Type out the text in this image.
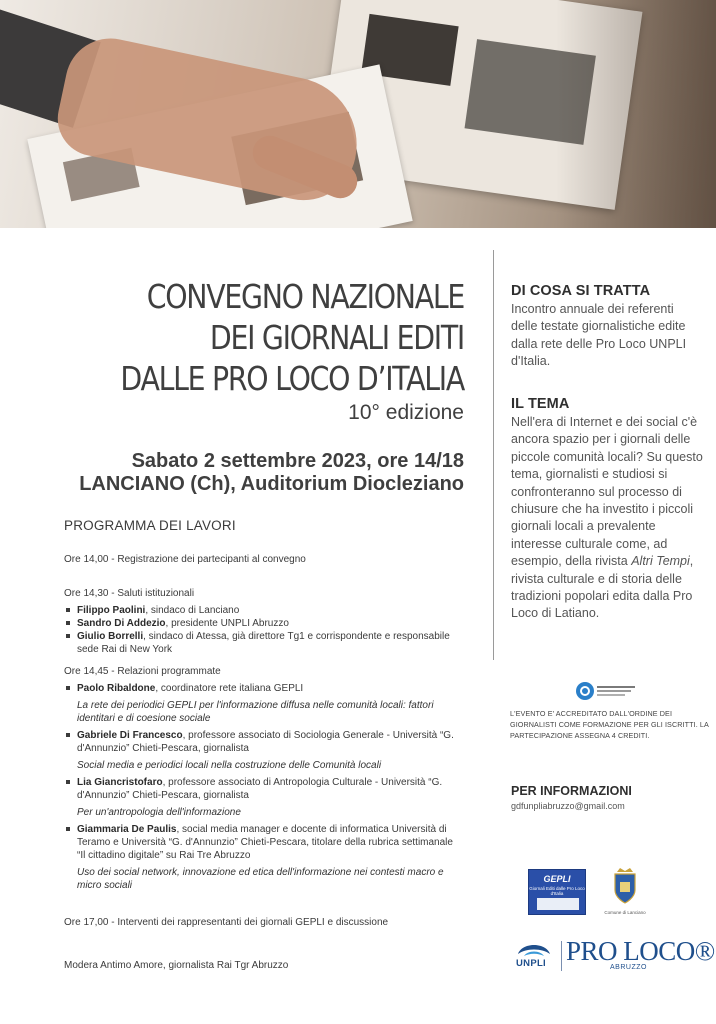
CONVEGNO NAZIONALE
DEI GIORNALI EDITI
DALLE PRO LOCO D’ITALIA
10° edizione
Sabato 2 settembre 2023, ore 14/18
LANCIANO (Ch), Auditorium Diocleziano
PROGRAMMA DEI LAVORI
Ore 14,00 - Registrazione dei partecipanti al convegno
Ore 14,30 - Saluti istituzionali
Filippo Paolini, sindaco di Lanciano
Sandro Di Addezio, presidente UNPLI Abruzzo
Giulio Borrelli, sindaco di Atessa, già direttore Tg1 e corrispondente e responsabile sede Rai di New York
Ore 14,45 - Relazioni programmate
Paolo Ribaldone, coordinatore rete italiana GEPLI
La rete dei periodici GEPLI per l'informazione diffusa nelle comunità locali: fattori identitari e di coesione sociale
Gabriele Di Francesco, professore associato di Sociologia Generale - Università “G. d'Annunzio” Chieti-Pescara, giornalista
Social media e periodici locali nella costruzione delle Comunità locali
Lia Giancristofaro, professore associato di Antropologia Culturale - Università “G. d'Annunzio” Chieti-Pescara, giornalista
Per un'antropologia dell'informazione
Giammaria De Paulis, social media manager e docente di informatica Università di Teramo e Università “G. d'Annunzio” Chieti-Pescara, titolare della rubrica settimanale “Il cittadino digitale” su Rai Tre Abruzzo
Uso dei social network, innovazione ed etica dell'informazione nei contesti macro e micro sociali
Ore 17,00 - Interventi dei rappresentanti dei giornali GEPLI e discussione
Modera Antimo Amore, giornalista Rai Tgr Abruzzo
DI COSA SI TRATTA

Incontro annuale dei referenti delle testate giornalistiche edite dalla rete delle Pro Loco UNPLI d'Italia.

IL TEMA

Nell'era di Internet e dei social c'è ancora spazio per i giornali delle piccole comunità locali? Su questo tema, giornalisti e studiosi si confronteranno sul processo di chiusure che ha investito i piccoli giornali locali a prevalente interesse culturale come, ad esempio, della rivista Altri Tempi, rivista culturale e di storia delle tradizioni popolari edita dalla Pro Loco di Latiano.

L'EVENTO E' ACCREDITATO DALL'ORDINE DEI GIORNALISTI COME FORMAZIONE PER GLI ISCRITTI. LA PARTECIPAZIONE ASSEGNA 4 CREDITI.
PER INFORMAZIONI
gdfunpliabruzzo@gmail.com
GEPLI
Giornali Editi dalle Pro Loco d'Italia
Comune di Lanciano
UNPLI PRO LOCO®
ABRUZZO
